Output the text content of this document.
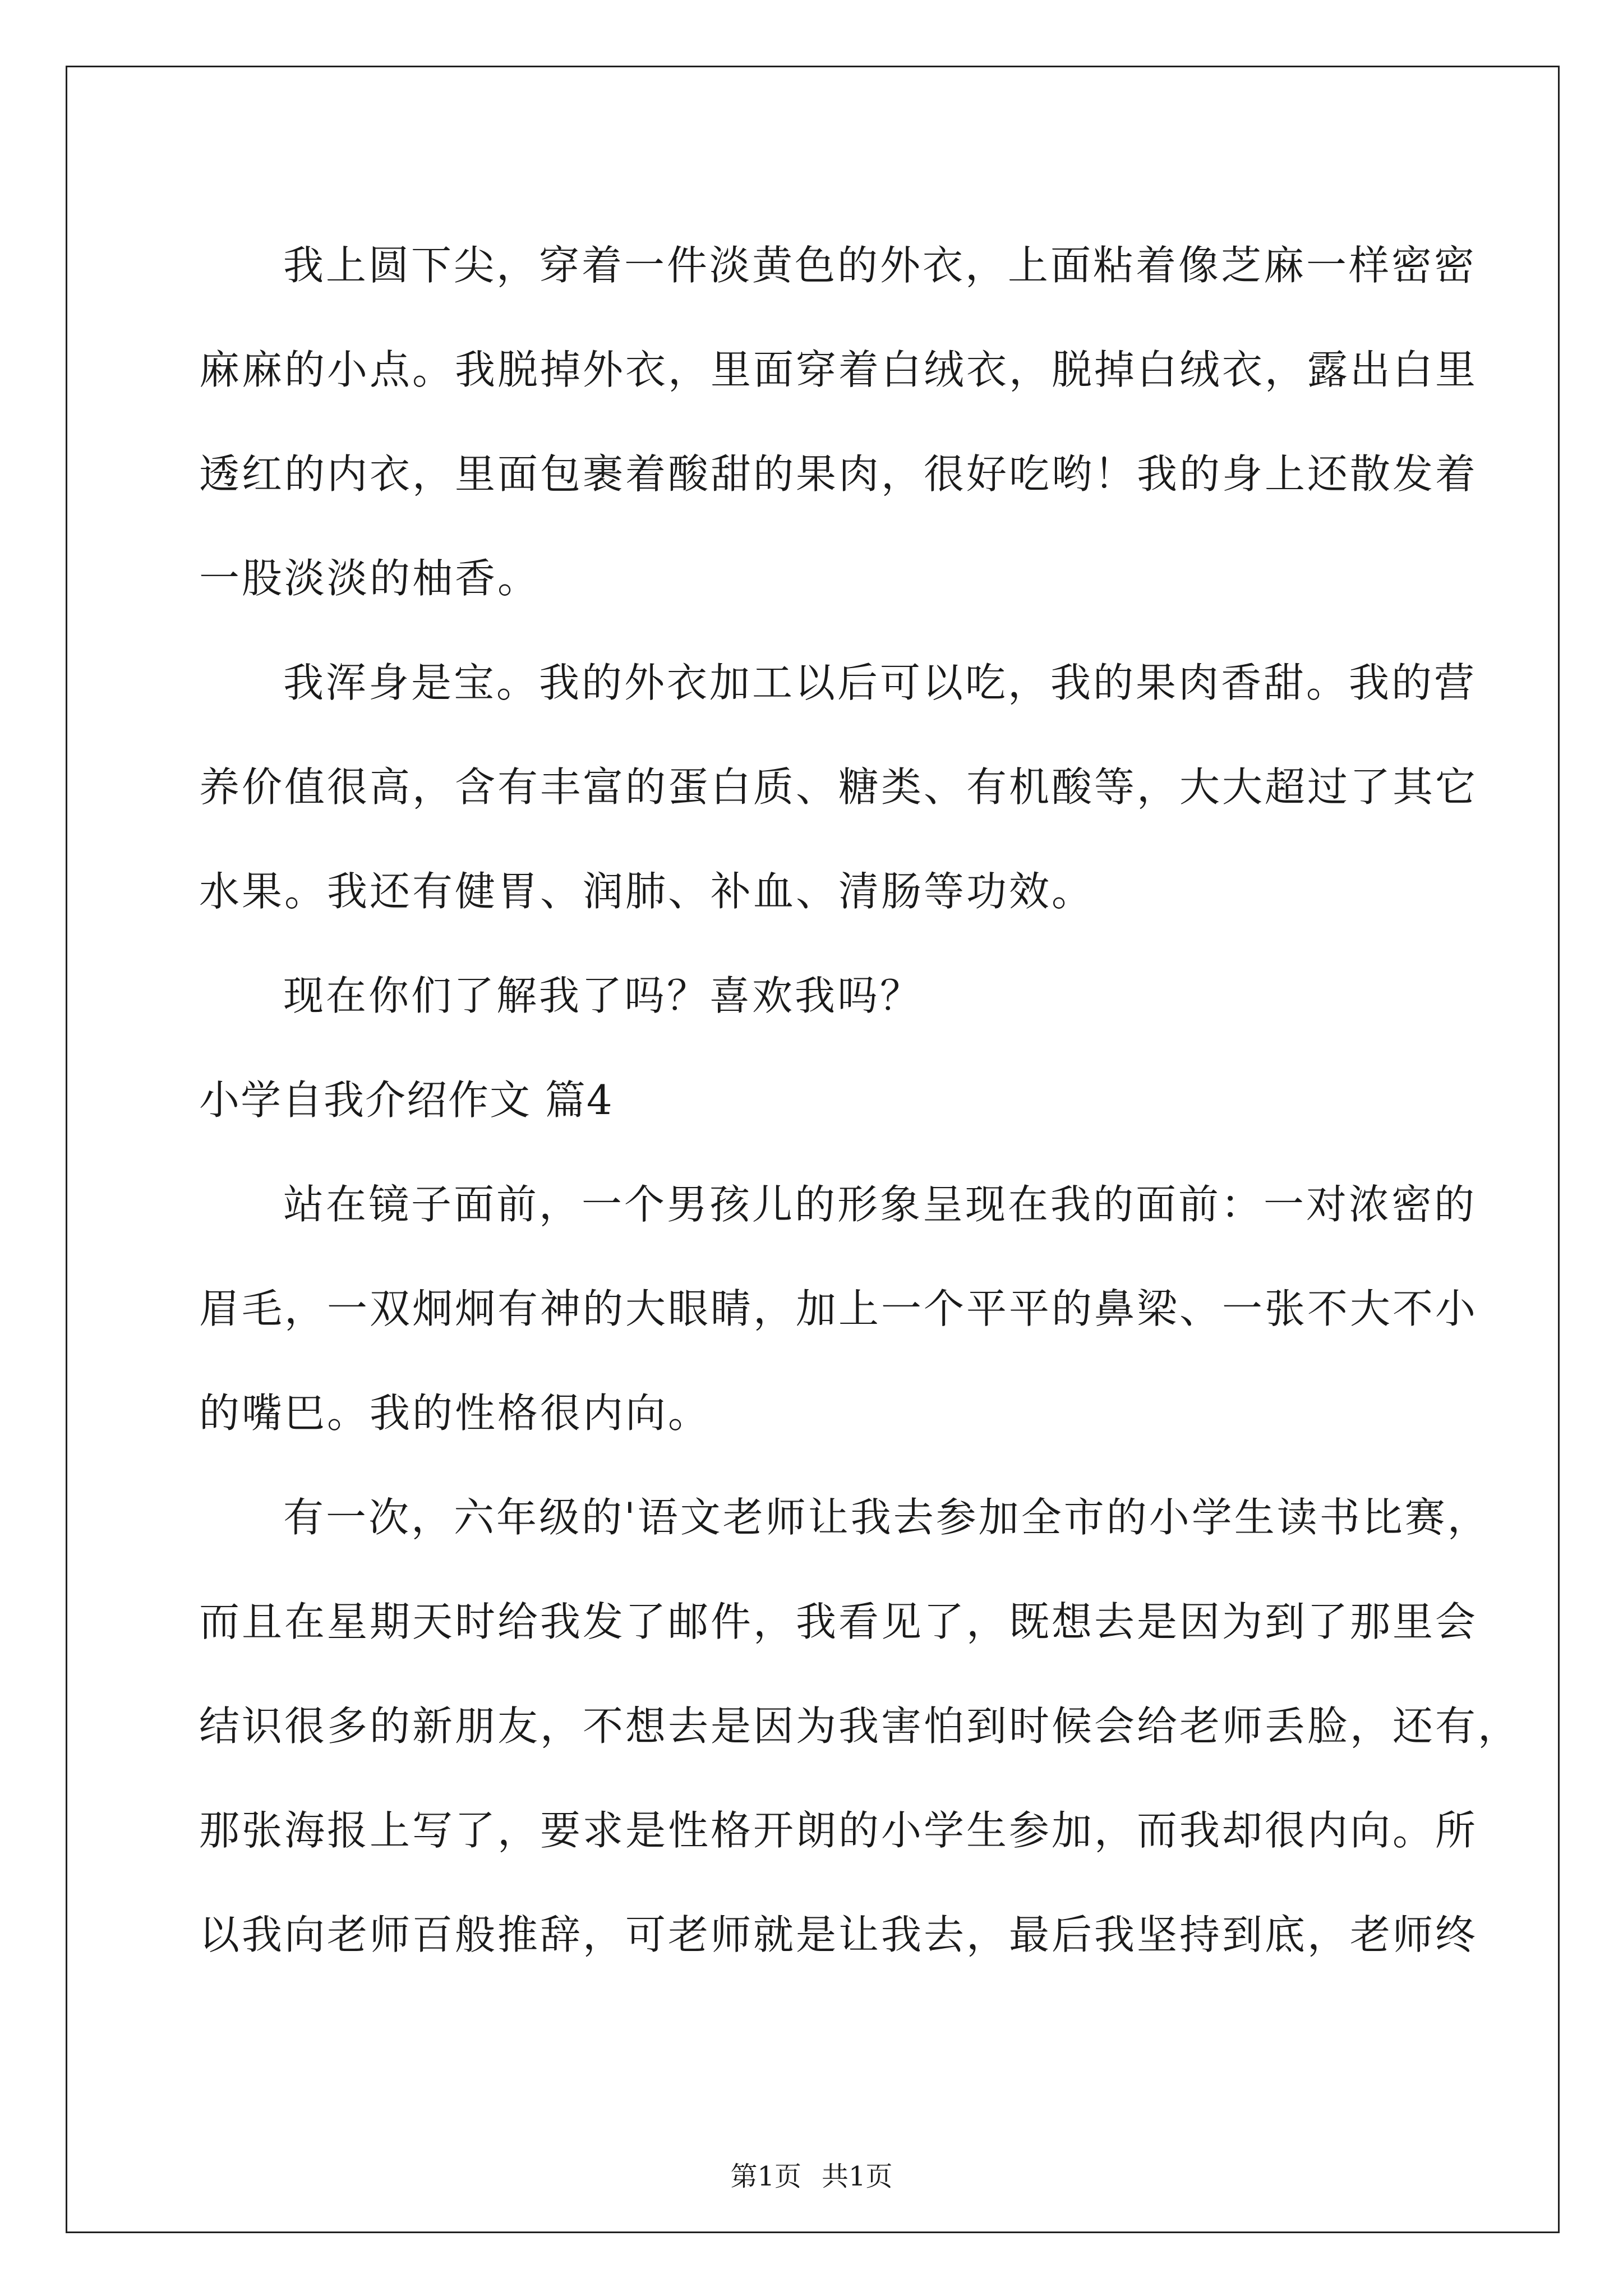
我上圆下尖，穿着一件淡黄色的外衣，上面粘着像芝麻一样密密
麻麻的小点。我脱掉外衣，里面穿着白绒衣，脱掉白绒衣，露出白里
透红的内衣，里面包裹着酸甜的果肉，很好吃哟！我的身上还散发着
一股淡淡的柚香。
我浑身是宝。我的外衣加工以后可以吃，我的果肉香甜。我的营
养价值很高，含有丰富的蛋白质、糖类、有机酸等，大大超过了其它
水果。我还有健胃、润肺、补血、清肠等功效。
现在你们了解我了吗？喜欢我吗？
小学自我介绍作文 篇4
站在镜子面前，一个男孩儿的形象呈现在我的面前：一对浓密的
眉毛，一双炯炯有神的大眼睛，加上一个平平的鼻梁、一张不大不小
的嘴巴。我的性格很内向。
有一次，六年级的'语文老师让我去参加全市的小学生读书比赛，
而且在星期天时给我发了邮件，我看见了，既想去是因为到了那里会
结识很多的新朋友，不想去是因为我害怕到时候会给老师丢脸，还有，
那张海报上写了，要求是性格开朗的小学生参加，而我却很内向。所
以我向老师百般推辞，可老师就是让我去，最后我坚持到底，老师终
第1页 共1页
